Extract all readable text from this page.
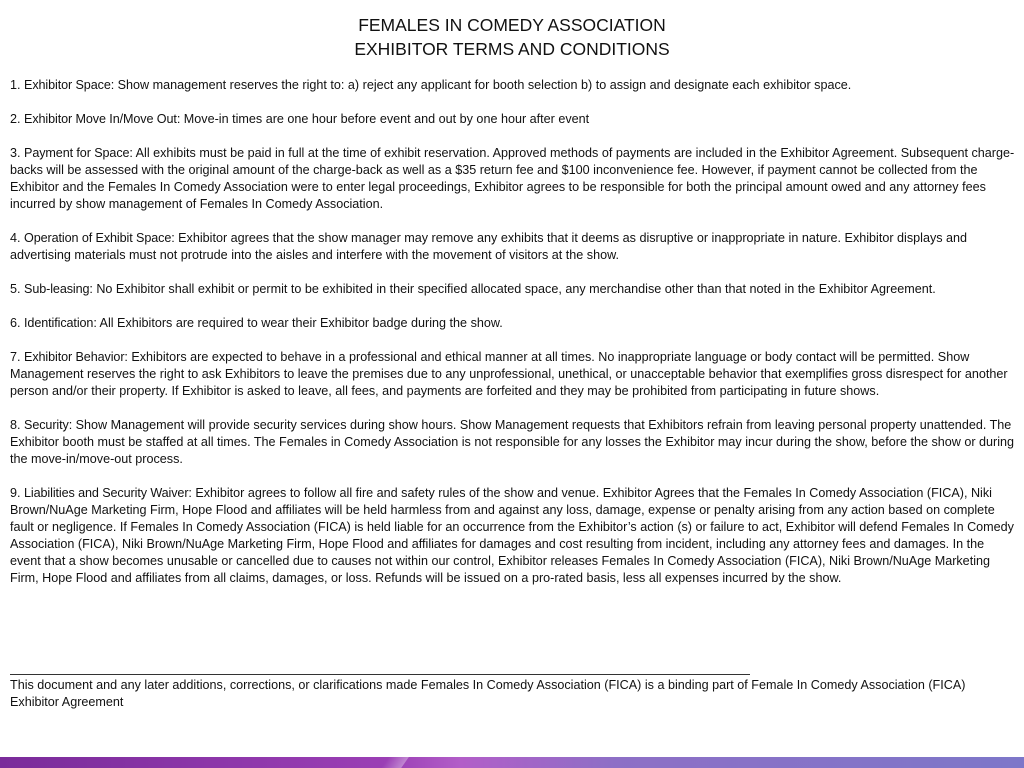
FEMALES IN COMEDY ASSOCIATION
EXHIBITOR TERMS AND CONDITIONS

1. Exhibitor Space: Show management reserves the right to: a) reject any applicant for booth selection b) to assign and designate each exhibitor space.

2. Exhibitor Move In/Move Out: Move-in times are one hour before event and out by one hour after event

3. Payment for Space: All exhibits must be paid in full at the time of exhibit reservation. Approved methods of payments are included in the Exhibitor Agreement. Subsequent charge-backs will be assessed with the original amount of the charge-back as well as a $35 return fee and $100 inconvenience fee. However, if payment cannot be collected from the Exhibitor and the Females In Comedy Association were to enter legal proceedings, Exhibitor agrees to be responsible for both the principal amount owed and any attorney fees incurred by show management of Females In Comedy Association.

4. Operation of Exhibit Space: Exhibitor agrees that the show manager may remove any exhibits that it deems as disruptive or inappropriate in nature. Exhibitor displays and advertising materials must not protrude into the aisles and interfere with the movement of visitors at the show.

5. Sub-leasing: No Exhibitor shall exhibit or permit to be exhibited in their specified allocated space, any merchandise other than that noted in the Exhibitor Agreement.

6. Identification: All Exhibitors are required to wear their Exhibitor badge during the show.

7. Exhibitor Behavior: Exhibitors are expected to behave in a professional and ethical manner at all times. No inappropriate language or body contact will be permitted. Show Management reserves the right to ask Exhibitors to leave the premises due to any unprofessional, unethical, or unacceptable behavior that exemplifies gross disrespect for another person and/or their property. If Exhibitor is asked to leave, all fees, and payments are forfeited and they may be prohibited from participating in future shows.

8. Security: Show Management will provide security services during show hours. Show Management requests that Exhibitors refrain from leaving personal property unattended. The Exhibitor booth must be staffed at all times. The Females in Comedy Association is not responsible for any losses the Exhibitor may incur during the show, before the show or during the move-in/move-out process.

9. Liabilities and Security Waiver: Exhibitor agrees to follow all fire and safety rules of the show and venue. Exhibitor Agrees that the Females In Comedy Association (FICA), Niki Brown/NuAge Marketing Firm, Hope Flood and affiliates will be held harmless from and against any loss, damage, expense or penalty arising from any action based on complete fault or negligence. If Females In Comedy Association (FICA) is held liable for an occurrence from the Exhibitor’s action (s) or failure to act, Exhibitor will defend Females In Comedy Association (FICA), Niki Brown/NuAge Marketing Firm, Hope Flood and affiliates for damages and cost resulting from incident, including any attorney fees and damages. In the event that a show becomes unusable or cancelled due to causes not within our control, Exhibitor releases Females In Comedy Association (FICA), Niki Brown/NuAge Marketing Firm, Hope Flood and affiliates from all claims, damages, or loss. Refunds will be issued on a pro-rated basis, less all expenses incurred by the show.

This document and any later additions, corrections, or clarifications made Females In Comedy Association (FICA) is a binding part of Female In Comedy Association (FICA) Exhibitor Agreement
